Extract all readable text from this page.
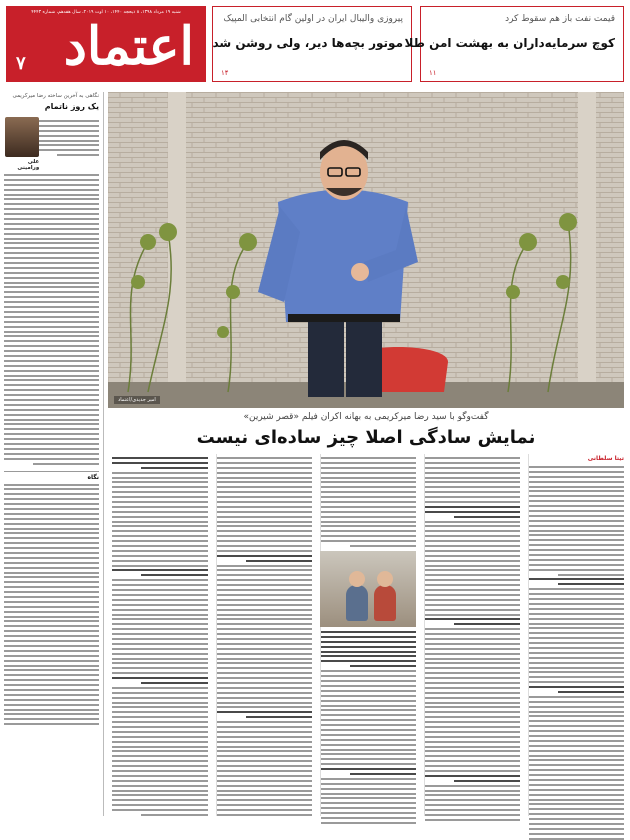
شنبه ۱۹ مرداد ۱۳۹۸، ۸ ذیحجه ۱۴۴۰، ۱۰ اوت ۲۰۱۹، سال هفدهم، شماره ۴۴۴۳
اعتماد
۷
پیروزی والیبال ایران در اولین گام انتخابی المپیک
موتور بچه‌ها دیر، ولی روشن شد
۱۴
قیمت نفت باز هم سقوط کرد
کوچ سرمایه‌داران به بهشت امن طلا
۱۱
امیر جدیدی/اعتماد
گفت‌وگو با سید رضا میرکریمی به بهانه اکران فیلم «قصر شیرین»
نمایش سادگی اصلا چیز ساده‌ای نیست
نگاهی به آخرین ساخته رضا میرکریمی
یک روز ناتمام
علی ورامینی
نگاه
تیتا سلطانی
